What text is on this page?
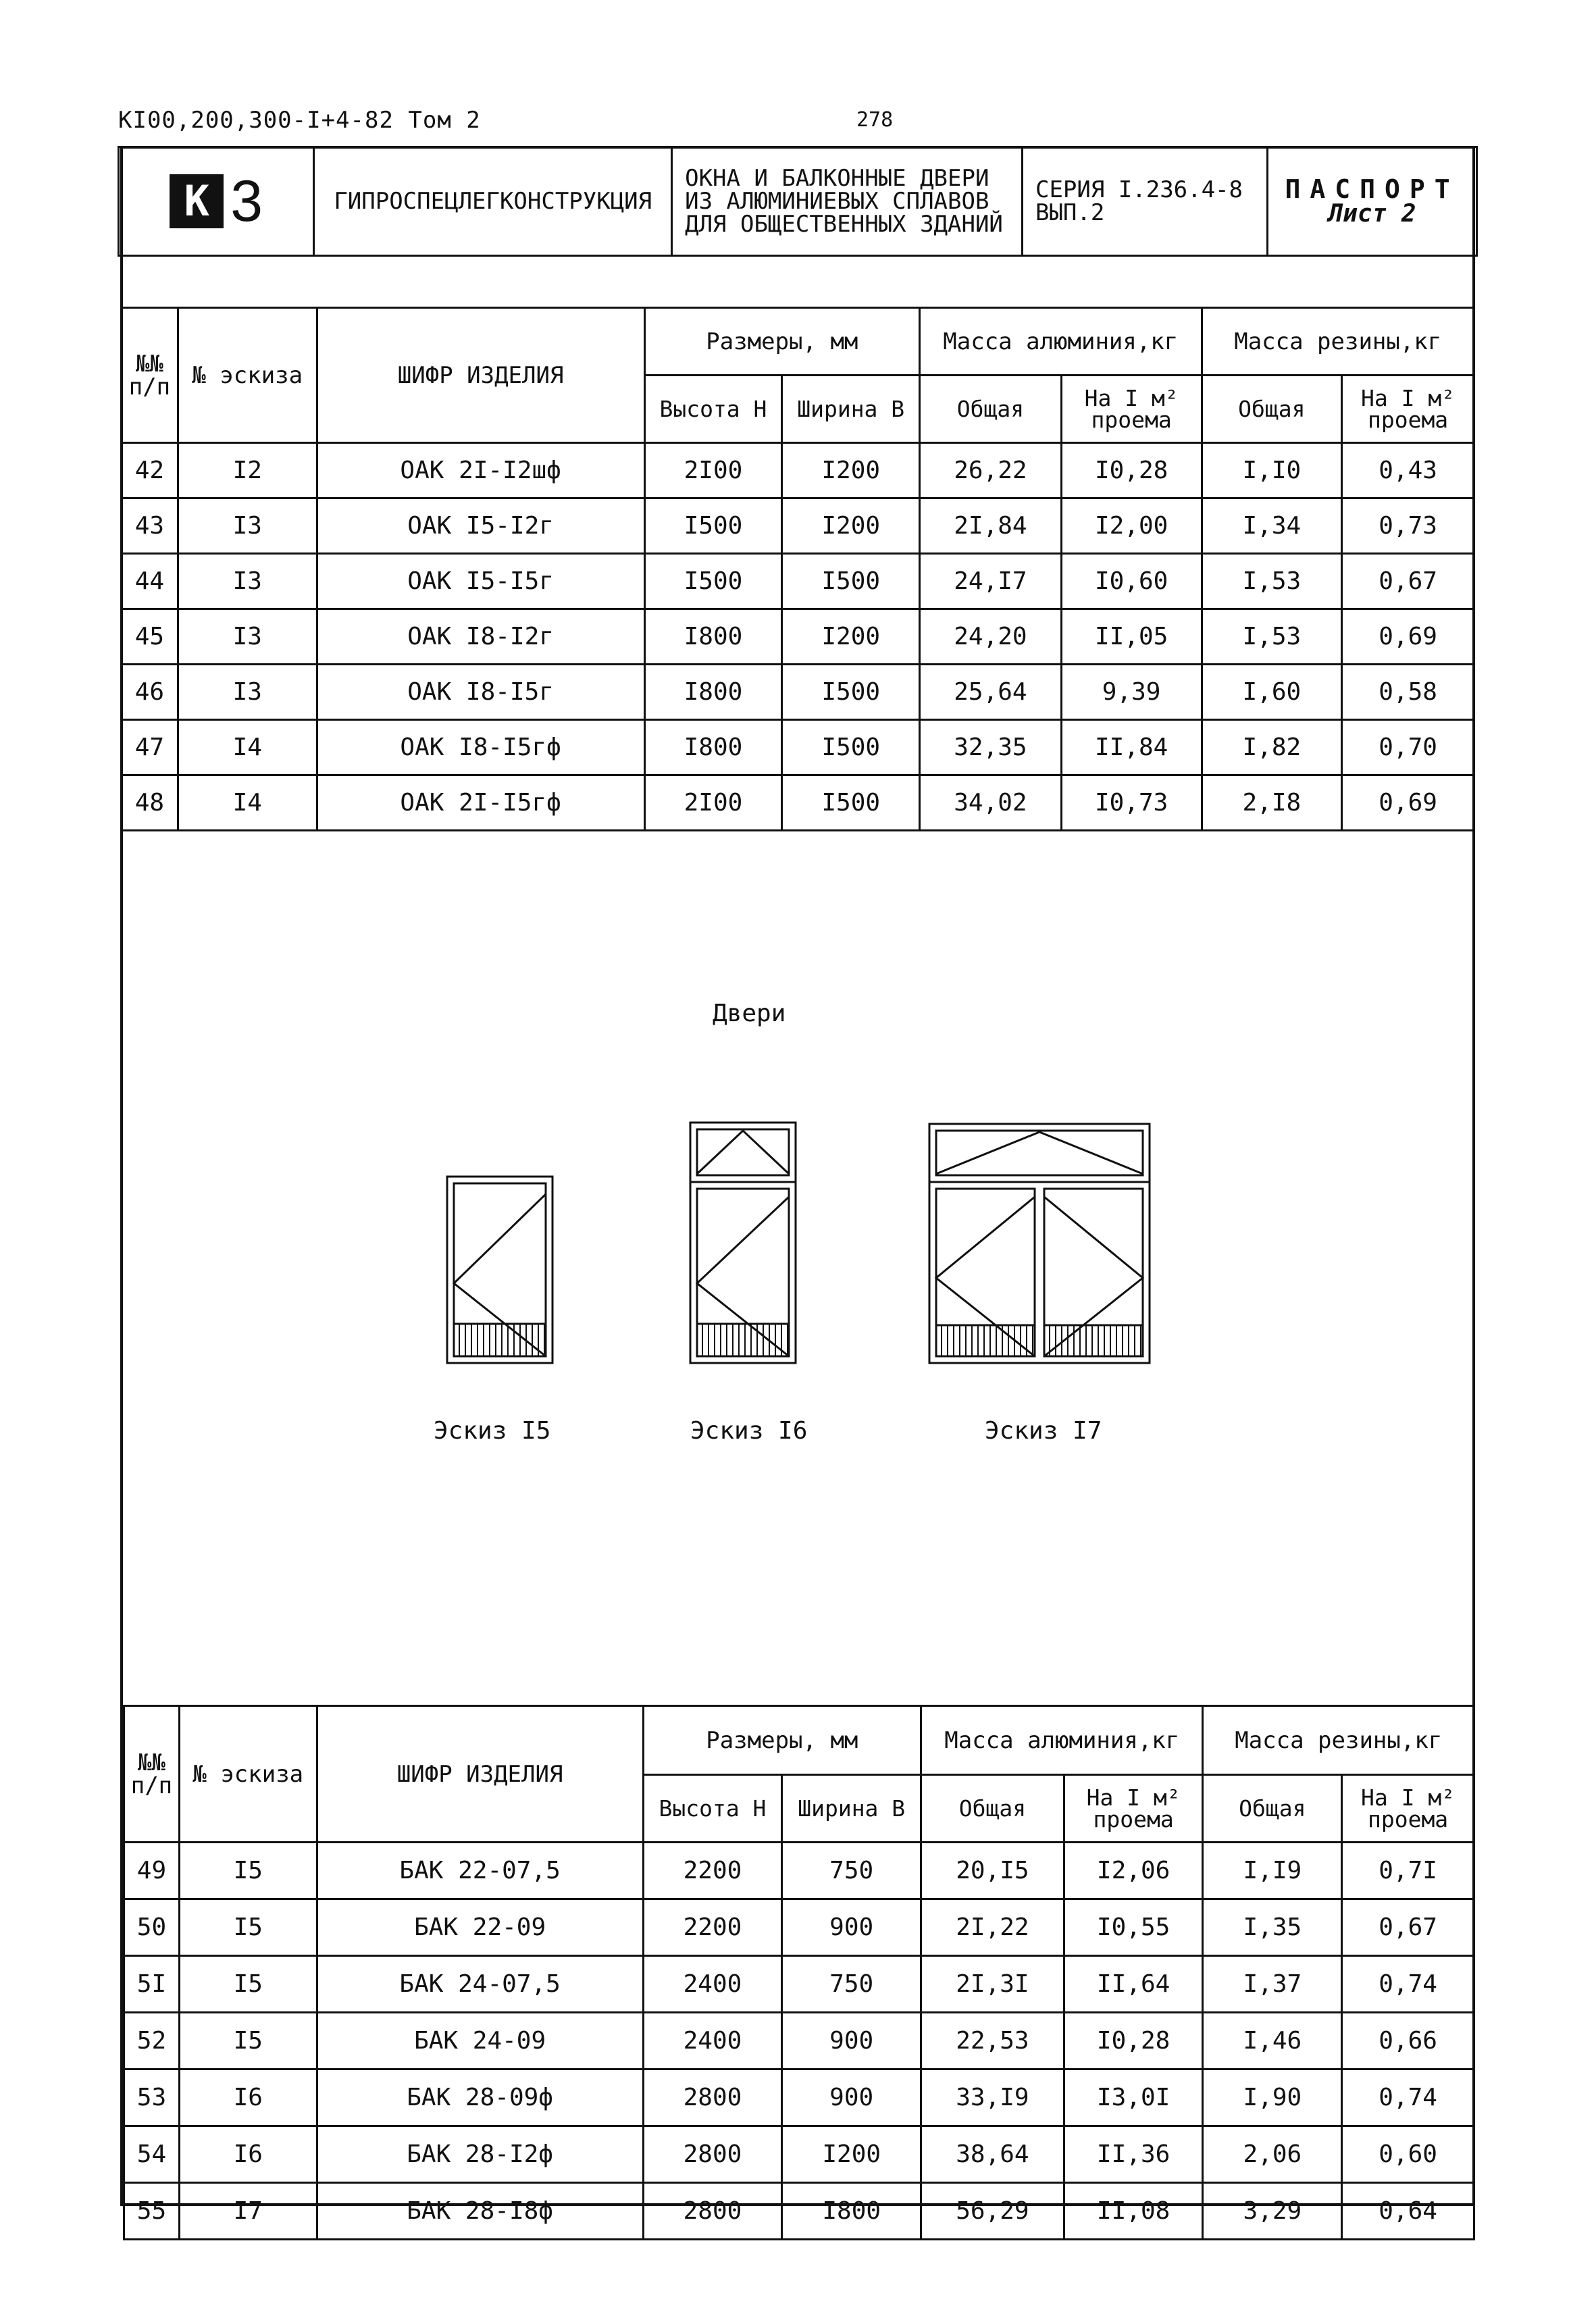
КI00,200,300-I+4-82 Том 2	278
К 3	ГИПРОСПЕЦЛЕГКОНСТРУКЦИЯ	
ОКНА И БАЛКОННЫЕ ДВЕРИ
ИЗ АЛЮМИНИЕВЫХ СПЛАВОВ
ДЛЯ ОБЩЕСТВЕННЫХ ЗДАНИЙ

СЕРИЯ I.236.4-8
ВЫП.2

ПАСПОРТ
Лист 2
№№ п/п	№ эскиза	ШИФР ИЗДЕЛИЯ	Размеры, мм		Масса алюминия,кг		Масса резины,кг	
			Высота Н	Ширина В	Общая	На I м² проема	Общая	На I м² проема
42	I2	ОАК 2I-I2шф	2I00	I200	26,22	I0,28	I,I0	0,43
43	I3	ОАК I5-I2г	I500	I200	2I,84	I2,00	I,34	0,73
44	I3	ОАК I5-I5г	I500	I500	24,I7	I0,60	I,53	0,67
45	I3	ОАК I8-I2г	I800	I200	24,20	II,05	I,53	0,69
46	I3	ОАК I8-I5г	I800	I500	25,64	9,39	I,60	0,58
47	I4	ОАК I8-I5гф	I800	I500	32,35	II,84	I,82	0,70
48	I4	ОАК 2I-I5гф	2I00	I500	34,02	I0,73	2,I8	0,69
Двери
Эскиз I5	Эскиз I6	Эскиз I7
№№ п/п	№ эскиза	ШИФР ИЗДЕЛИЯ	Размеры, мм		Масса алюминия,кг		Масса резины,кг	
			Высота Н	Ширина В	Общая	На I м² проема	Общая	На I м² проема
49	I5	БАК 22-07,5	2200	750	20,I5	I2,06	I,I9	0,7I
50	I5	БАК 22-09	2200	900	2I,22	I0,55	I,35	0,67
5I	I5	БАК 24-07,5	2400	750	2I,3I	II,64	I,37	0,74
52	I5	БАК 24-09	2400	900	22,53	I0,28	I,46	0,66
53	I6	БАК 28-09ф	2800	900	33,I9	I3,0I	I,90	0,74
54	I6	БАК 28-I2ф	2800	I200	38,64	II,36	2,06	0,60
55	I7	БАК 28-I8ф	2800	I800	56,29	II,08	3,29	0,64
